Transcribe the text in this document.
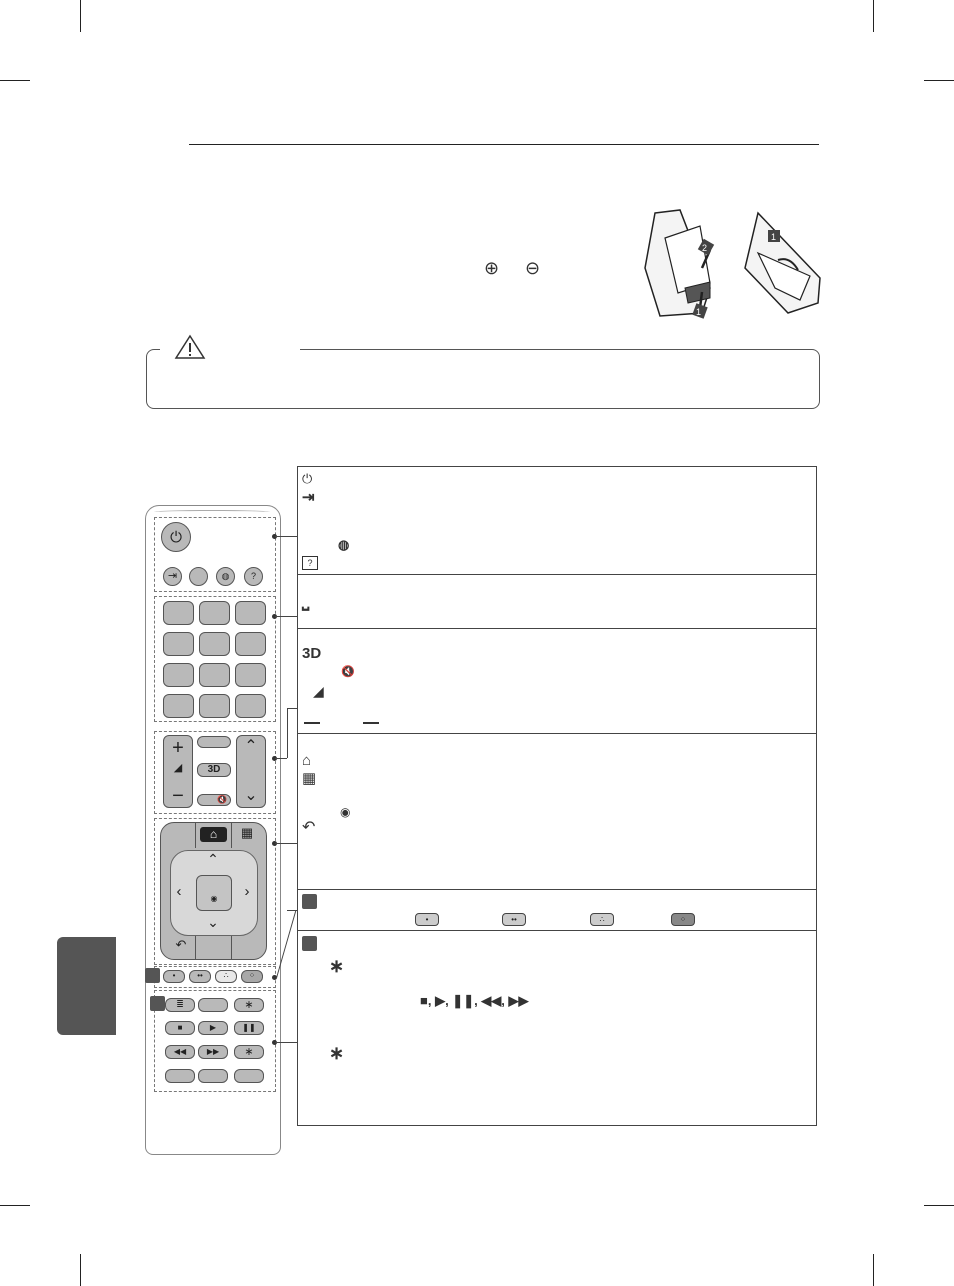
⊕ ⊖
2
1
1
⏻
⇥	◍	?
+
◢
−
3D
🔇
⌃
⌄
⌂	▦
⌃
⌄
‹	›
◉
↶
•	••	∴	⁘
≣	∗
■	▶	❚❚
◀◀	▶▶	∗
⏻
⇥
◍
?
⎵
3D
🔇
◢
⌂
▦
◉
↶
•	••	∴	⁘
∗
■, ▶, ❚❚, ◀◀, ▶▶
∗
